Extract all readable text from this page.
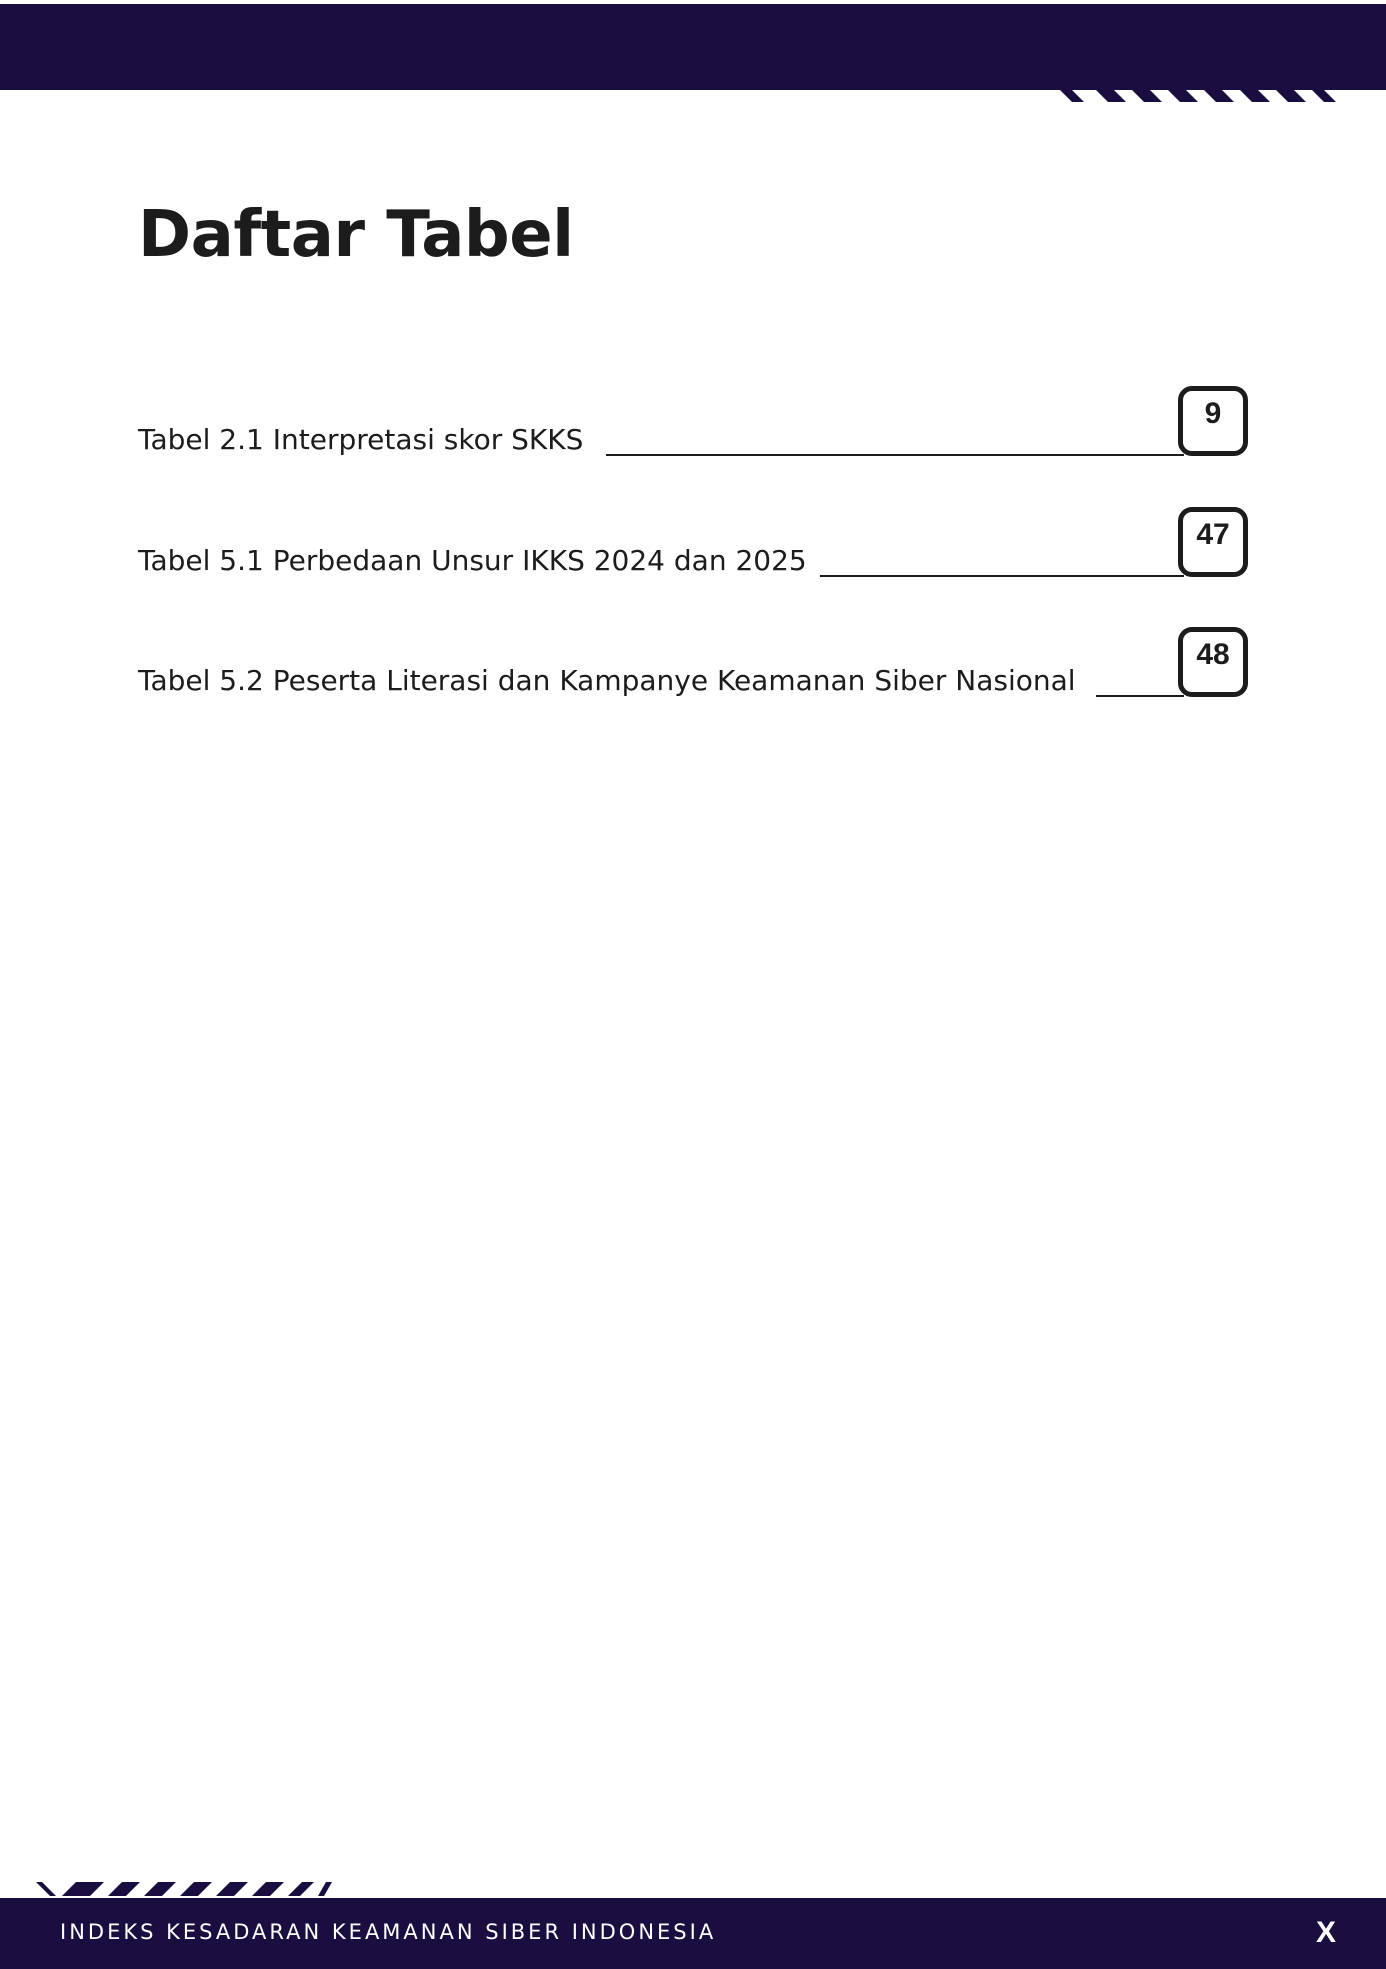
Daftar Tabel
Tabel 2.1 Interpretasi skor SKKS
9
Tabel 5.1 Perbedaan Unsur IKKS 2024 dan 2025
47
Tabel 5.2 Peserta Literasi dan Kampanye Keamanan Siber Nasional
48
INDEKS KESADARAN KEAMANAN SIBER INDONESIA	X
